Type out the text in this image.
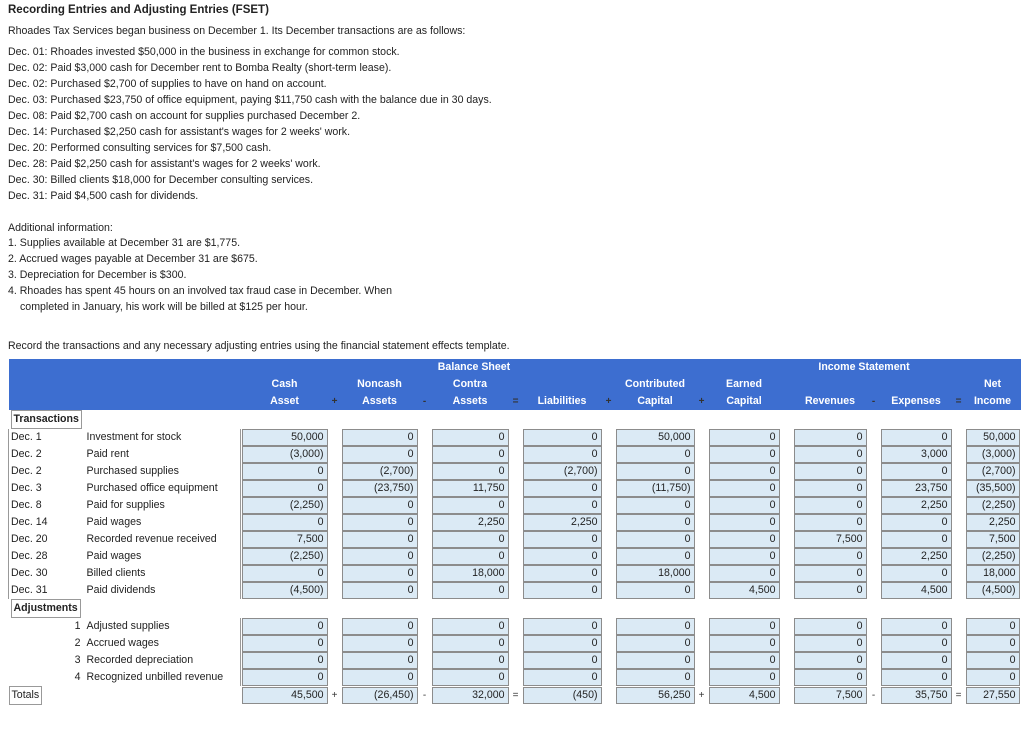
Recording Entries and Adjusting Entries (FSET)
Rhoades Tax Services began business on December 1. Its December transactions are as follows:
Dec. 01: Rhoades invested $50,000 in the business in exchange for common stock.
Dec. 02: Paid $3,000 cash for December rent to Bomba Realty (short-term lease).
Dec. 02: Purchased $2,700 of supplies to have on hand on account.
Dec. 03: Purchased $23,750 of office equipment, paying $11,750 cash with the balance due in 30 days.
Dec. 08: Paid $2,700 cash on account for supplies purchased December 2.
Dec. 14: Purchased $2,250 cash for assistant's wages for 2 weeks' work.
Dec. 20: Performed consulting services for $7,500 cash.
Dec. 28: Paid $2,250 cash for assistant's wages for 2 weeks' work.
Dec. 30: Billed clients $18,000 for December consulting services.
Dec. 31: Paid $4,500 cash for dividends.
Additional information:
1. Supplies available at December 31 are $1,775.
2. Accrued wages payable at December 31 are $675.
3. Depreciation for December is $300.
4. Rhoades has spent 45 hours on an involved tax fraud case in December. When
completed in January, his work will be billed at $125 per hour.
Record the transactions and any necessary adjusting entries using the financial statement effects template.
		Balance Sheet										Income Statement						
		Cash		Noncash		Contra				Contributed		Earned						Net
		Asset	+	Assets	-	Assets	=	Liabilities	+	Capital	+	Capital		Revenues	-	Expenses	=	Income
Transactions																		
Dec. 1	Investment for stock	50,000		0		0		0		50,000		0		0		0		50,000

Dec. 2	Paid rent	(3,000)		0		0		0		0		0		0		3,000		(3,000)

Dec. 2	Purchased supplies	0		(2,700)		0		(2,700)		0		0		0		0		(2,700)

Dec. 3	Purchased office equipment	0		(23,750)		11,750		0		(11,750)		0		0		23,750		(35,500)

Dec. 8	Paid for supplies	(2,250)		0		0		0		0		0		0		2,250		(2,250)

Dec. 14	Paid wages	0		0		2,250		2,250		0		0		0		0		2,250

Dec. 20	Recorded revenue received	7,500		0		0		0		0		0		7,500		0		7,500

Dec. 28	Paid wages	(2,250)		0		0		0		0		0		0		2,250		(2,250)

Dec. 30	Billed clients	0		0		18,000		0		18,000		0		0		0		18,000

Dec. 31	Paid dividends	(4,500)		0		0		0		0		4,500		0		4,500		(4,500)

Adjustments																		
1	Adjusted supplies	0		0		0		0		0		0		0		0		0

2	Accrued wages	0		0		0		0		0		0		0		0		0

3	Recorded depreciation	0		0		0		0		0		0		0		0		0

4	Recognized unbilled revenue	0		0		0		0		0		0		0		0		0

Totals		45,500	+	(26,450)	-	32,000	=	(450)		56,250	+	4,500		7,500	-	35,750	=	27,550
